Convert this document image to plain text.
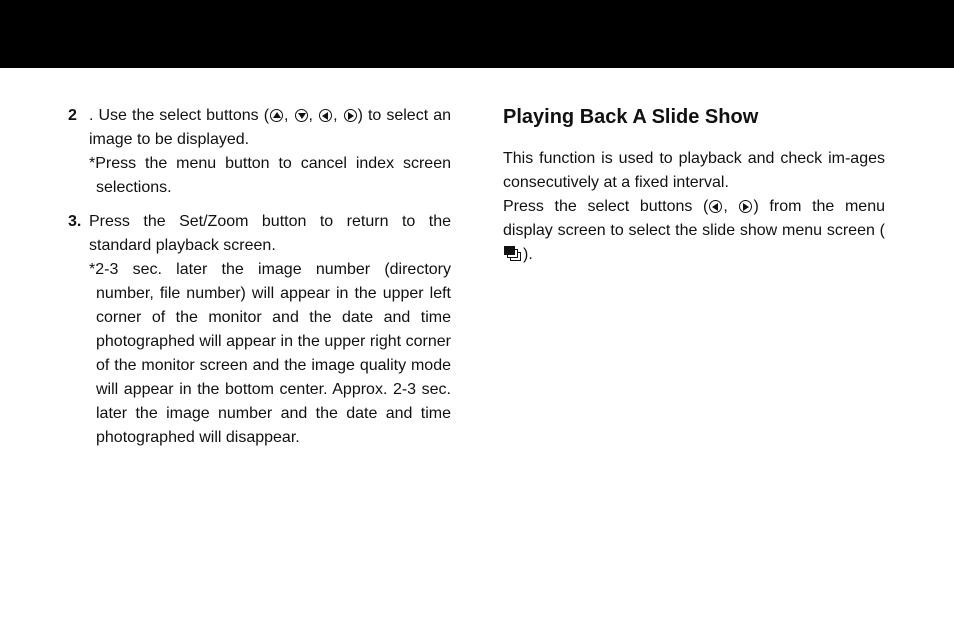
2 . Use the select buttons ( , , , ) to select an image to be displayed.

*Press the menu button to cancel index screen selections.

3. Press the Set/Zoom button to return to the standard playback screen.

*2-3 sec. later the image number (directory number, file number) will appear in the upper left corner of the monitor and the date and time photographed will appear in the upper right corner of the monitor screen and the image quality mode will appear in the bottom center. Approx. 2-3 sec. later the image number and the date and time photographed will disappear.

Playing Back A Slide Show

This function is used to playback and check im-ages consecutively at a fixed interval.

Press the select buttons ( , ) from the menu display screen to select the slide show menu screen (
).
